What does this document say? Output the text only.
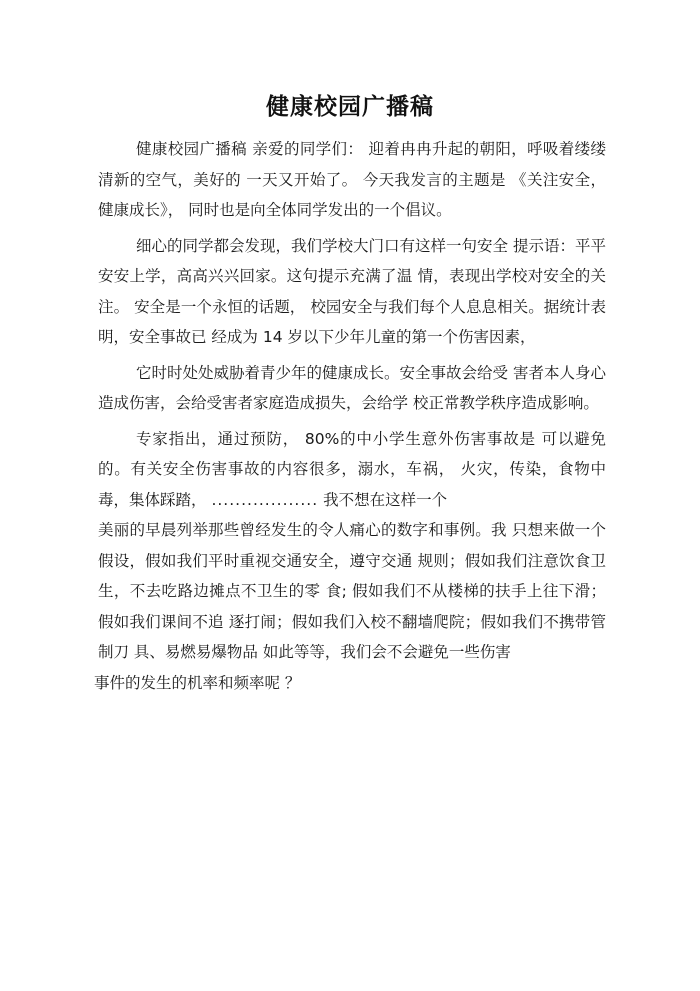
健康校园广播稿

健康校园广播稿 亲爱的同学们： 迎着冉冉升起的朝阳，呼吸着缕缕清新的空气，美好的 一天又开始了。 今天我发言的主题是 《关注安全， 健康成长》， 同时也是向全体同学发出的一个倡议。

细心的同学都会发现，我们学校大门口有这样一句安全 提示语：平平安安上学，高高兴兴回家。这句提示充满了温 情，表现出学校对安全的关注。 安全是一个永恒的话题， 校园安全与我们每个人息息相关。据统计表明，安全事故已 经成为 14 岁以下少年儿童的第一个伤害因素，

它时时处处威胁着青少年的健康成长。安全事故会给受 害者本人身心造成伤害，会给受害者家庭造成损失，会给学 校正常教学秩序造成影响。

专家指出，通过预防， 80%的中小学生意外伤害事故是 可以避免的。有关安全伤害事故的内容很多，溺水，车祸， 火灾，传染，食物中毒，集体踩踏， .................. 我不想在这样一个

美丽的早晨列举那些曾经发生的令人痛心的数字和事例。我 只想来做一个假设，假如我们平时重视交通安全，遵守交通 规则；假如我们注意饮食卫生，不去吃路边摊点不卫生的零 食; 假如我们不从楼梯的扶手上往下滑；假如我们课间不追 逐打闹；假如我们入校不翻墙爬院；假如我们不携带管制刀 具、易燃易爆物品 如此等等，我们会不会避免一些伤害

事件的发生的机率和频率呢 ？
